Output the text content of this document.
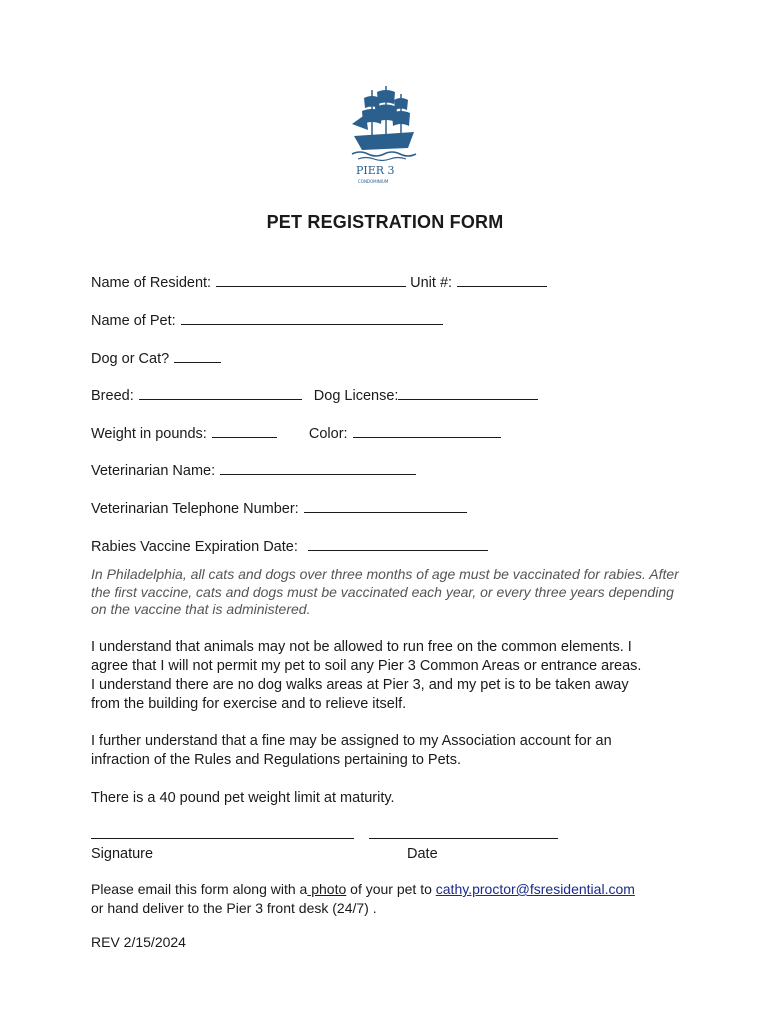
PIER 3
CONDOMINIUM
PET REGISTRATION FORM
Name of Resident:	Unit #:
Name of Pet:
Dog or Cat?
Breed:	Dog License:
Weight in pounds:	Color:
Veterinarian Name:
Veterinarian Telephone Number:
Rabies Vaccine Expiration Date:
In Philadelphia, all cats and dogs over three months of age must be vaccinated for rabies. After the first vaccine, cats and dogs must be vaccinated each year, or every three years depending on the vaccine that is administered.
I understand that animals may not be allowed to run free on the common elements. I
agree that I will not permit my pet to soil any Pier 3 Common Areas or entrance areas.
I understand there are no dog walks areas at Pier 3, and my pet is to be taken away
from the building for exercise and to relieve itself.
I further understand that a fine may be assigned to my Association account for an
infraction of the Rules and Regulations pertaining to Pets.
There is a 40 pound pet weight limit at maturity.
Signature	Date
Please email this form along with a photo of your pet to cathy.proctor@fsresidential.com
or hand deliver to the Pier 3 front desk (24/7) .
REV 2/15/2024
